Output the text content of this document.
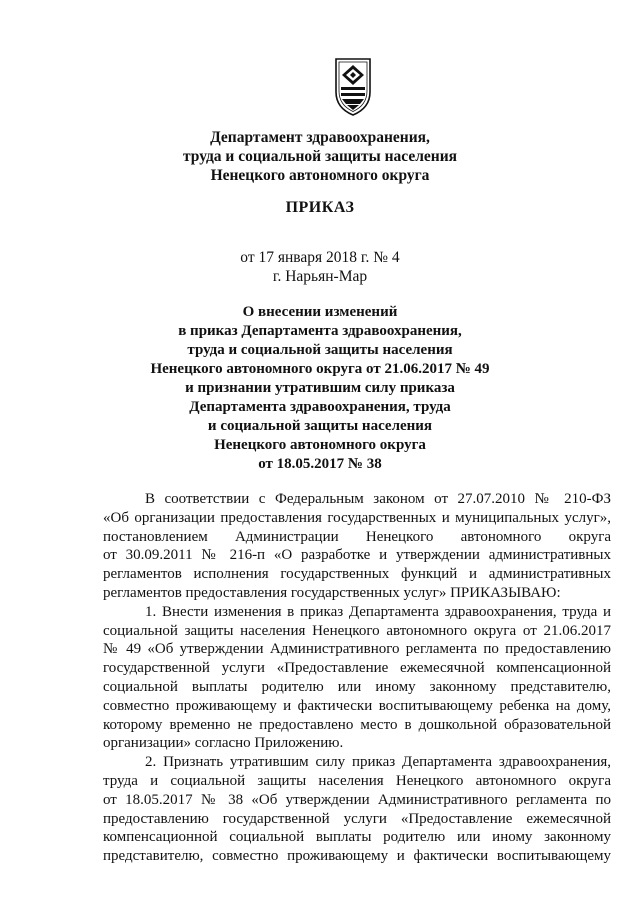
Департамент здравоохранения,
труда и социальной защиты населения
Ненецкого автономного округа
ПРИКАЗ
от 17 января 2018 г. № 4
г. Нарьян-Мар
О внесении изменений
в приказ Департамента здравоохранения,
труда и социальной защиты населения
Ненецкого автономного округа от 21.06.2017 № 49
и признании утратившим силу приказа
Департамента здравоохранения, труда
и социальной защиты населения
Ненецкого автономного округа
от 18.05.2017 № 38
В соответствии с Федеральным законом от 27.07.2010 № 210-ФЗ
«Об организации предоставления государственных и муниципальных услуг»,
постановлением Администрации Ненецкого автономного округа
от 30.09.2011 № 216-п «О разработке и утверждении административных
регламентов исполнения государственных функций и административных
регламентов предоставления государственных услуг» ПРИКАЗЫВАЮ:
1. Внести изменения в приказ Департамента здравоохранения, труда и
социальной защиты населения Ненецкого автономного округа от 21.06.2017
№ 49 «Об утверждении Административного регламента по предоставлению
государственной услуги «Предоставление ежемесячной компенсационной
социальной выплаты родителю или иному законному представителю,
совместно проживающему и фактически воспитывающему ребенка на дому,
которому временно не предоставлено место в дошкольной образовательной
организации» согласно Приложению.
2. Признать утратившим силу приказ Департамента здравоохранения,
труда и социальной защиты населения Ненецкого автономного округа
от 18.05.2017 № 38 «Об утверждении Административного регламента по
предоставлению государственной услуги «Предоставление ежемесячной
компенсационной социальной выплаты родителю или иному законному
представителю, совместно проживающему и фактически воспитывающему
